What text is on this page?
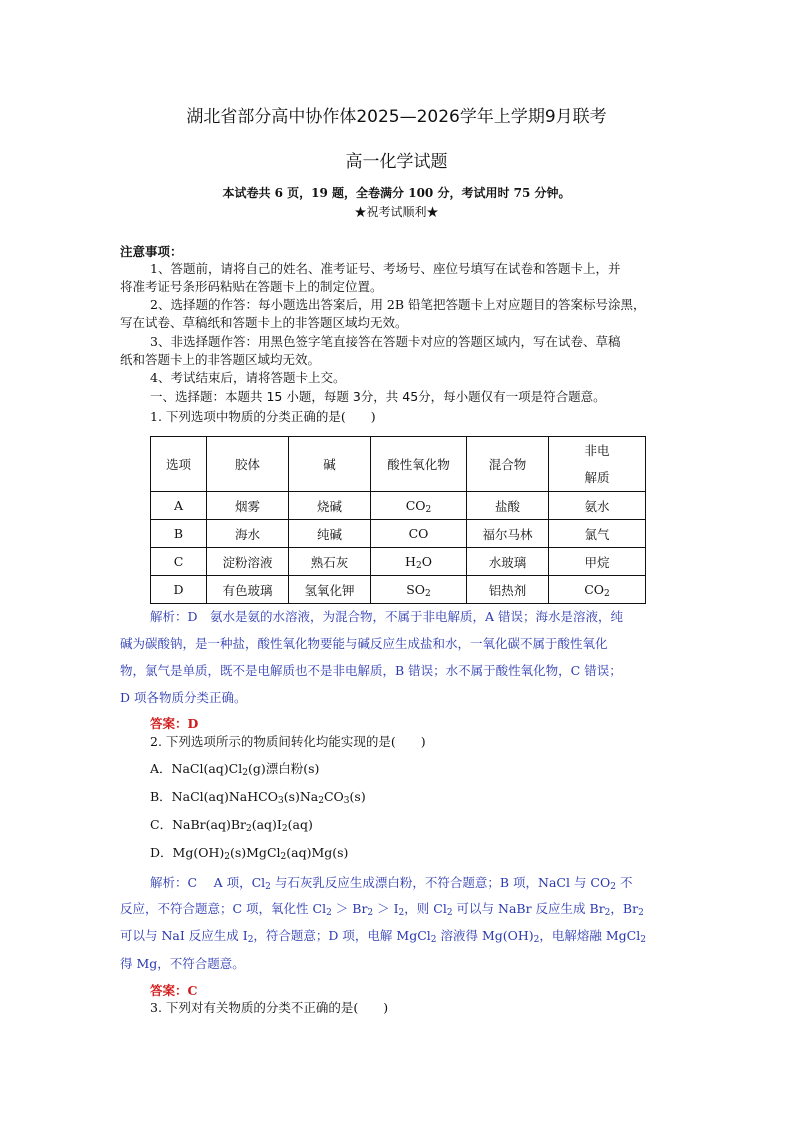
湖北省部分高中协作体2025—2026学年上学期9月联考
高一化学试题
本试卷共 6 页，19 题，全卷满分 100 分，考试用时 75 分钟。
★祝考试顺利★
注意事项：
1、答题前，请将自己的姓名、准考证号、考场号、座位号填写在试卷和答题卡上，并
将准考证号条形码粘贴在答题卡上的制定位置。
2、选择题的作答：每小题选出答案后，用 2B 铅笔把答题卡上对应题目的答案标号涂黑，
写在试卷、草稿纸和答题卡上的非答题区域均无效。
3、非选择题作答：用黑色签字笔直接答在答题卡对应的答题区域内，写在试卷、草稿
纸和答题卡上的非答题区域均无效。
4、考试结束后，请将答题卡上交。
一、选择题：本题共 15 小题，每题 3分，共 45分，每小题仅有一项是符合题意。
1. 下列选项中物质的分类正确的是(　　)
选项	胶体	碱	酸性氧化物	混合物	非电
解质
A	烟雾	烧碱	$CO_2$	盐酸	氨水
B	海水	纯碱	CO	福尔马林	氯气
C	淀粉溶液	熟石灰	$H_2O$	水玻璃	甲烷
D	有色玻璃	氢氧化钾	$SO_2$	铝热剂	$CO_2$
解析：D　 氨水是氨的水溶液，为混合物，不属于非电解质，A 错误；海水是溶液，纯
碱为碳酸钠，是一种盐，酸性氧化物要能与碱反应生成盐和水，一氧化碳不属于酸性氧化
物，氯气是单质，既不是电解质也不是非电解质，B 错误；水不属于酸性氧化物，C 错误；
D 项各物质分类正确。
答案：D
2. 下列选项所示的物质间转化均能实现的是(　　)
A．$NaCl(aq)Cl_2(g)$漂白粉(s)
B．$NaCl(aq)NaHCO_3(s)Na_2CO_3(s)$
C．$NaBr(aq)Br_2(aq)I_2(aq)$
D．$Mg(OH)_2(s)MgCl_2(aq)Mg(s)$
解析：C　 A 项，$Cl_2$ 与石灰乳反应生成漂白粉，不符合题意；B 项，NaCl 与 $CO_2$ 不
反应，不符合题意；C 项，氧化性 $Cl_2 > Br_2 > I_2$，则 $Cl_2$ 可以与 NaBr 反应生成 $Br_2$，$Br_2$
可以与 NaI 反应生成 $I_2$，符合题意；D 项，电解 MgCl$_2$ 溶液得 $Mg(OH)_2$，电解熔融 MgCl$_2$
得 Mg，不符合题意。
答案：C
3. 下列对有关物质的分类不正确的是(　　)
